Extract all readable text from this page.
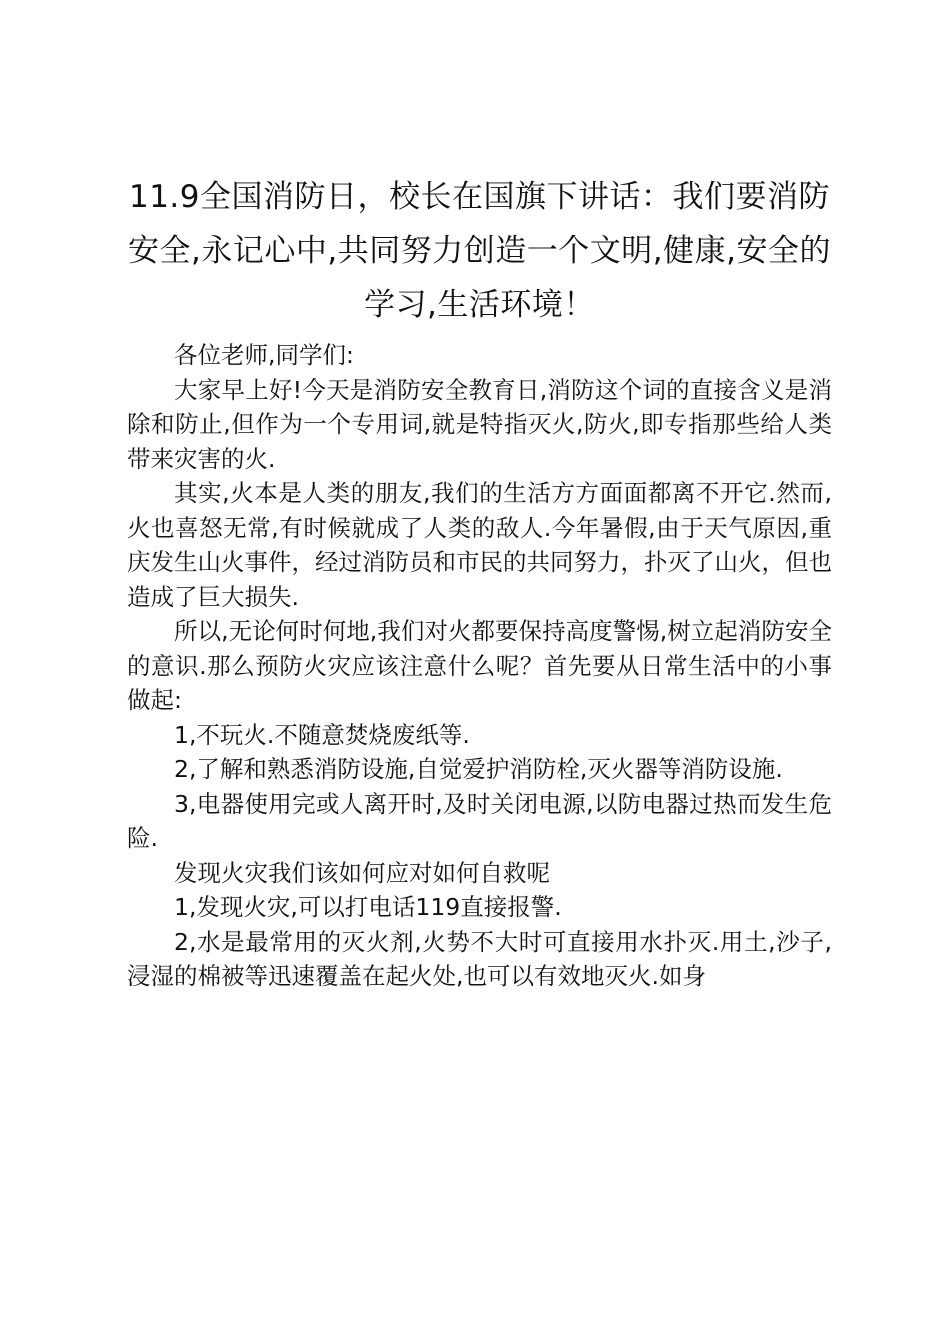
11.9全国消防日，校长在国旗下讲话：我们要消防安全,永记心中,共同努力创造一个文明,健康,安全的学习,生活环境！

各位老师,同学们:

大家早上好!今天是消防安全教育日,消防这个词的直接含义是消除和防止,但作为一个专用词,就是特指灭火,防火,即专指那些给人类带来灾害的火.

其实,火本是人类的朋友,我们的生活方方面面都离不开它.然而,火也喜怒无常,有时候就成了人类的敌人.今年暑假,由于天气原因,重庆发生山火事件，经过消防员和市民的共同努力，扑灭了山火，但也造成了巨大损失.

所以,无论何时何地,我们对火都要保持高度警惕,树立起消防安全的意识.那么预防火灾应该注意什么呢？首先要从日常生活中的小事做起:

1,不玩火.不随意焚烧废纸等.

2,了解和熟悉消防设施,自觉爱护消防栓,灭火器等消防设施.

3,电器使用完或人离开时,及时关闭电源,以防电器过热而发生危险.

发现火灾我们该如何应对如何自救呢

1,发现火灾,可以打电话119直接报警.

2,水是最常用的灭火剂,火势不大时可直接用水扑灭.用土,沙子,浸湿的棉被等迅速覆盖在起火处,也可以有效地灭火.如身
